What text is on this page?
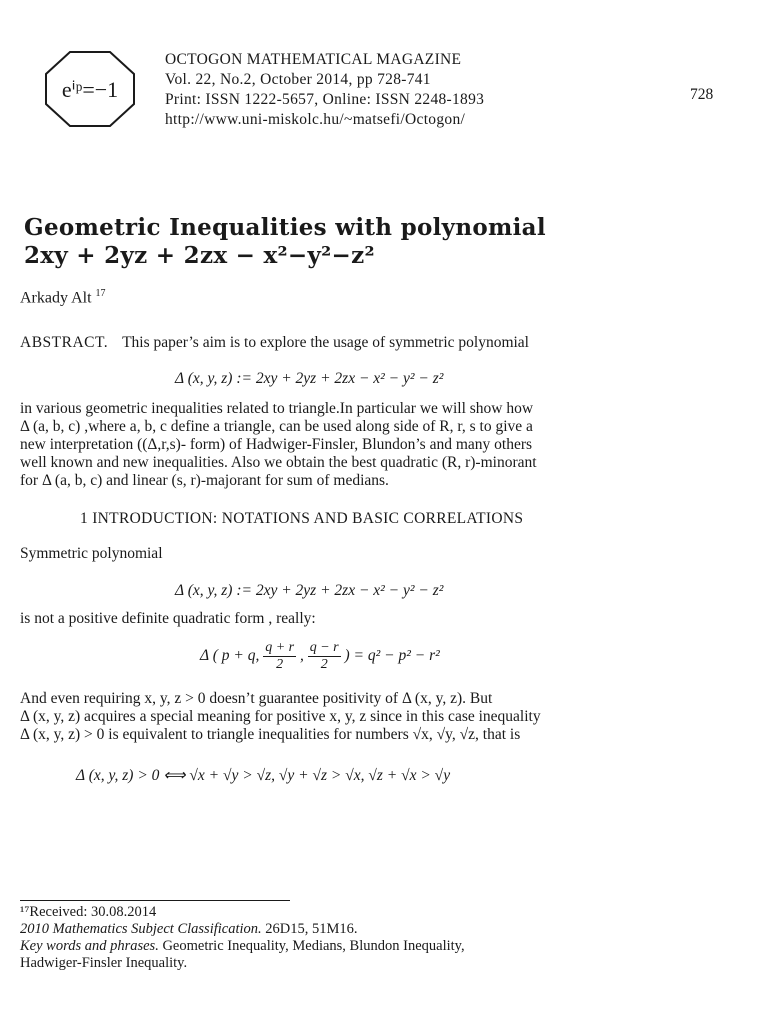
eⁱᵖ=−1
OCTOGON MATHEMATICAL MAGAZINE
Vol. 22, No.2, October 2014, pp 728-741
Print: ISSN 1222-5657, Online: ISSN 2248-1893
http://www.uni-miskolc.hu/~matsefi/Octogon/
728
Geometric Inequalities with polynomial
2xy + 2yz + 2zx − x²−y²−z²
Arkady Alt $^{17}$
ABSTRACT. This paper’s aim is to explore the usage of symmetric polynomial
Δ (x, y, z) := 2xy + 2yz + 2zx − x² − y² − z²
in various geometric inequalities related to triangle.In particular we will show how
Δ (a, b, c) ,where a, b, c define a triangle, can be used along side of R, r, s to give a
new interpretation ((Δ,r,s)- form) of Hadwiger-Finsler, Blundon’s and many others
well known and new inequalities. Also we obtain the best quadratic (R, r)-minorant
for Δ (a, b, c) and linear (s, r)-majorant for sum of medians.
1 INTRODUCTION: NOTATIONS AND BASIC CORRELATIONS
Symmetric polynomial
Δ (x, y, z) := 2xy + 2yz + 2zx − x² − y² − z²
is not a positive definite quadratic form , really:
Δ ( p + q, $\frac{q + r}{2}$ , $\frac{q - r}{2}$ ) = q² − p² − r²
And even requiring x, y, z > 0 doesn’t guarantee positivity of Δ (x, y, z). But
Δ (x, y, z) acquires a special meaning for positive x, y, z since in this case inequality
Δ (x, y, z) > 0 is equivalent to triangle inequalities for numbers √x, √y, √z, that is
Δ (x, y, z) > 0 ⟺ √x + √y > √z, √y + √z > √x, √z + √x > √y
¹⁷Received: 30.08.2014
2010 Mathematics Subject Classification. 26D15, 51M16.
Key words and phrases. Geometric Inequality, Medians, Blundon Inequality,
Hadwiger-Finsler Inequality.
